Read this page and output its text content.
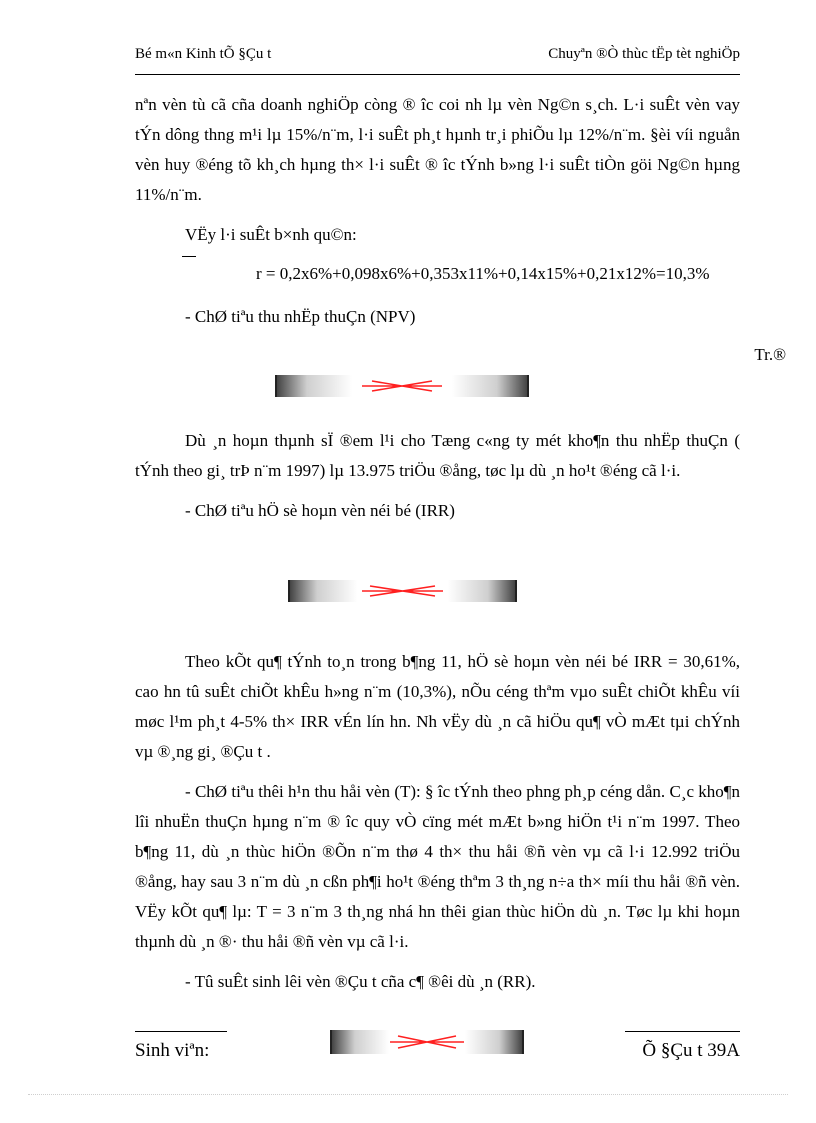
Bé m«n Kinh tÕ §Çu t	Chuyªn ®Ò thùc tËp tèt nghiÖp

nªn vèn tù cã cña doanh nghiÖp còng ® îc coi nh lµ vèn Ng©n s¸ch. L·i suÊt vèn vay tÝn dông thng m¹i lµ 15%/n¨m, l·i suÊt ph¸t hµnh tr¸i phiÕu lµ 12%/n¨m. §èi víi nguån vèn huy ®éng tõ kh¸ch hµng th× l·i suÊt ® îc tÝnh b»ng l·i suÊt tiÒn göi Ng©n hµng 11%/n¨m.

VËy l·i suÊt b×nh qu©n:

r = 0,2x6%+0,098x6%+0,353x11%+0,14x15%+0,21x12%=10,3%

- ChØ tiªu thu nhËp thuÇn (NPV)

Tr.®

Dù ¸n hoµn thµnh sÏ ®em l¹i cho Tæng c«ng ty mét kho¶n thu nhËp thuÇn ( tÝnh theo gi¸ trÞ n¨m 1997) lµ 13.975 triÖu ®ång, tøc lµ dù ¸n ho¹t ®éng cã l·i.

- ChØ tiªu hÖ sè hoµn vèn néi bé (IRR)

Theo kÕt qu¶ tÝnh to¸n trong b¶ng 11, hÖ sè hoµn vèn néi bé IRR = 30,61%, cao hn tû suÊt chiÕt khÊu h»ng n¨m (10,3%), nÕu céng thªm vµo suÊt chiÕt khÊu víi møc l¹m ph¸t 4-5% th× IRR vÉn lín hn. Nh vËy dù ¸n cã hiÖu qu¶ vÒ mÆt tµi chÝnh vµ ®¸ng gi¸ ®Çu t .

- ChØ tiªu thêi h¹n thu håi vèn (T): § îc tÝnh theo phng ph¸p céng dån. C¸c kho¶n lîi nhuËn thuÇn hµng n¨m ® îc quy vÒ cïng mét mÆt b»ng hiÖn t¹i n¨m 1997. Theo b¶ng 11, dù ¸n thùc hiÖn ®Õn n¨m thø 4 th× thu håi ®ñ vèn vµ cã l·i 12.992 triÖu ®ång, hay sau 3 n¨m dù ¸n cßn ph¶i ho¹t ®éng thªm 3 th¸ng n÷a th× míi thu håi ®ñ vèn. VËy kÕt qu¶ lµ: T = 3 n¨m 3 th¸ng nhá hn thêi gian thùc hiÖn dù ¸n. Tøc lµ khi hoµn thµnh dù ¸n ®· thu håi ®ñ vèn vµ cã l·i.

- Tû suÊt sinh lêi vèn ®Çu t cña c¶ ®êi dù ¸n (RR).

Sinh viªn:	Õ §Çu t 39A
